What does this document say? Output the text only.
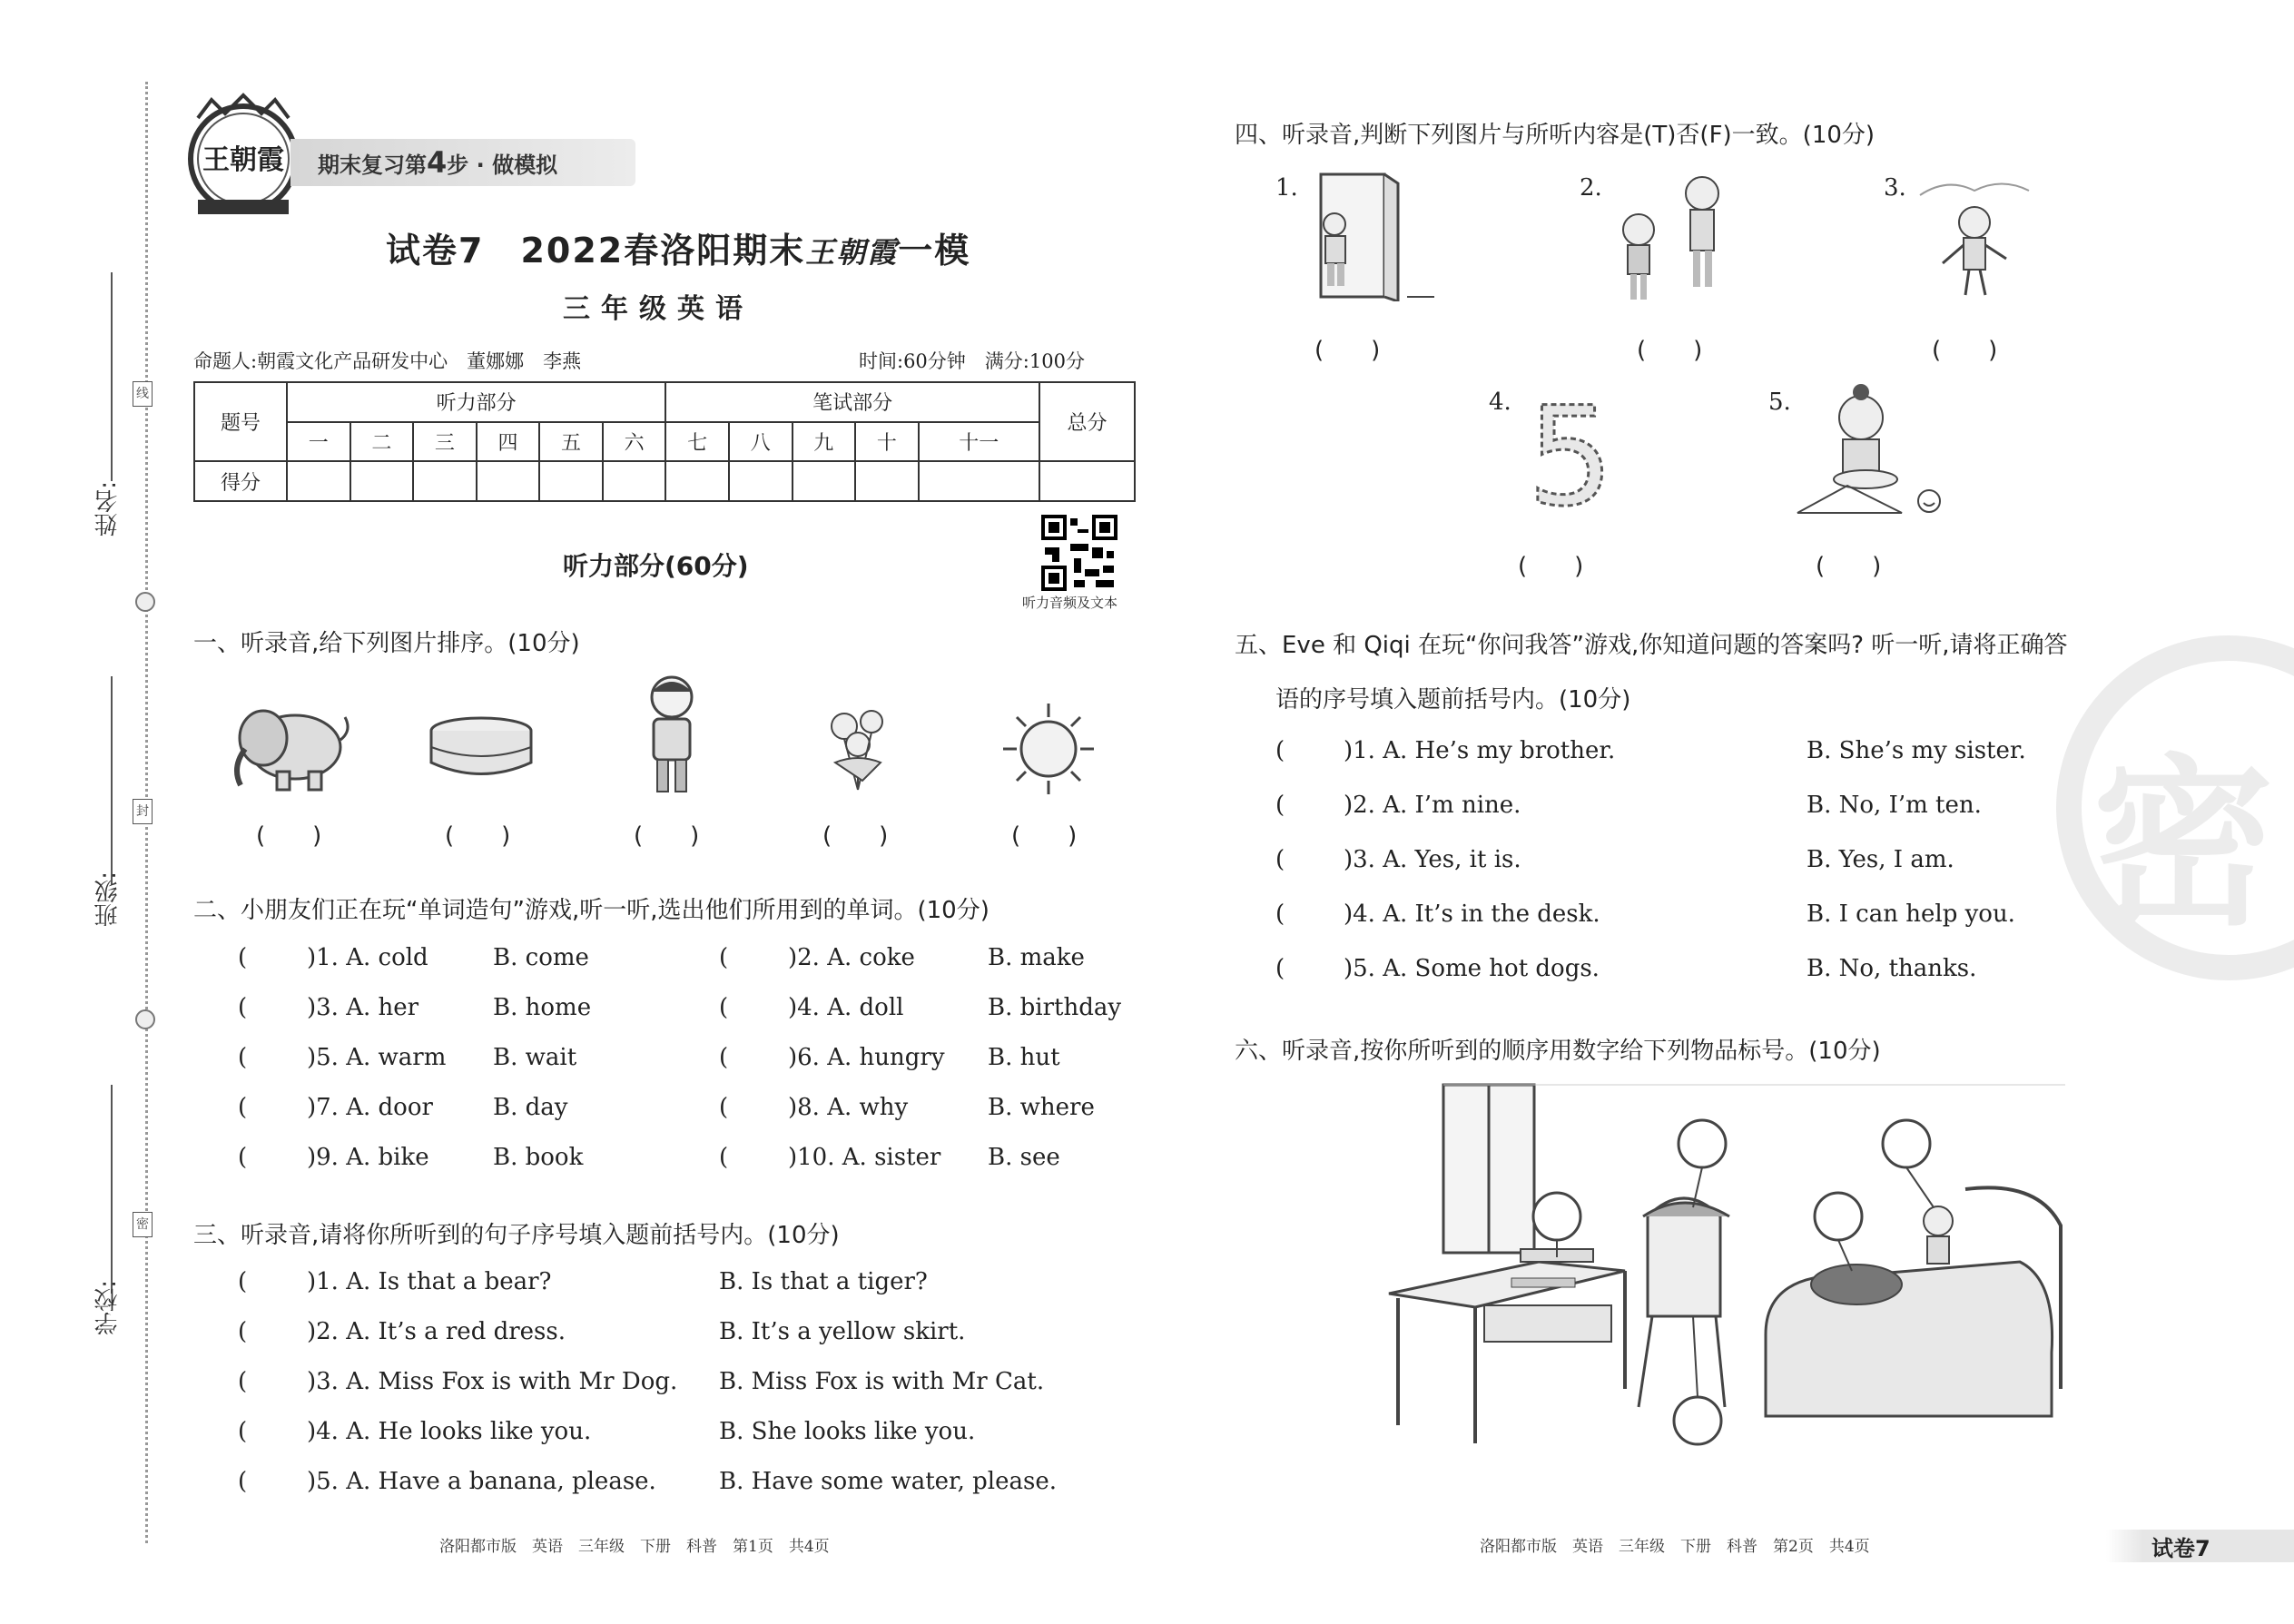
姓名:
线
班级:
封
学校:
密
王朝霞	期末复习第4步 · 做模拟
试卷7　2022春洛阳期末王朝霞一模
三年级英语
命题人:朝霞文化产品研发中心　董娜娜　李燕	时间:60分钟　满分:100分
题号	听力部分						笔试部分					总分
	一	二	三	四	五	六	七	八	九	十	十一	
得分												
听力音频及文本
听力部分(60分)
一、听录音,给下列图片排序。(10分)
(　　)	(　　)	(　　)	(　　)	(　　)
二、小朋友们正在玩“单词造句”游戏,听一听,选出他们所用到的单词。(10分)
(	)1. A. cold	B. come	(	)2. A. coke	B. make
(	)3. A. her	B. home	(	)4. A. doll	B. birthday
(	)5. A. warm B. wait	(	)6. A. hungry B. hut
(	)7. A. door	B. day	(	)8. A. why	B. where
(	)9. A. bike	B. book	(	)10. A. sister B. see
三、听录音,请将你所听到的句子序号填入题前括号内。(10分)
(	)1. A. Is that a bear?	B. Is that a tiger?
(	)2. A. It’s a red dress.	B. It’s a yellow skirt.
(	)3. A. Miss Fox is with Mr Dog. B. Miss Fox is with Mr Cat.
(	)4. A. He looks like you.	B. She looks like you.
(	)5. A. Have a banana, please.	B. Have some water, please.
洛阳都市版　英语　三年级　下册　科普　第1页　共4页
密
四、听录音,判断下列图片与所听内容是(T)否(F)一致。(10分)
1.
(　　)
2.
(　　)
3.
(　　)
4. 5
(　　)
5.
(　　)
五、Eve 和 Qiqi 在玩“你问我答”游戏,你知道问题的答案吗? 听一听,请将正确答
语的序号填入题前括号内。(10分)
( )1. A. He’s my brother.	B. She’s my sister.
( )2. A. I’m nine.	B. No, I’m ten.
( )3. A. Yes, it is.	B. Yes, I am.
( )4. A. It’s in the desk.	B. I can help you.
( )5. A. Some hot dogs.	B. No, thanks.
六、听录音,按你所听到的顺序用数字给下列物品标号。(10分)
洛阳都市版　英语　三年级　下册　科普　第2页　共4页	试卷7
